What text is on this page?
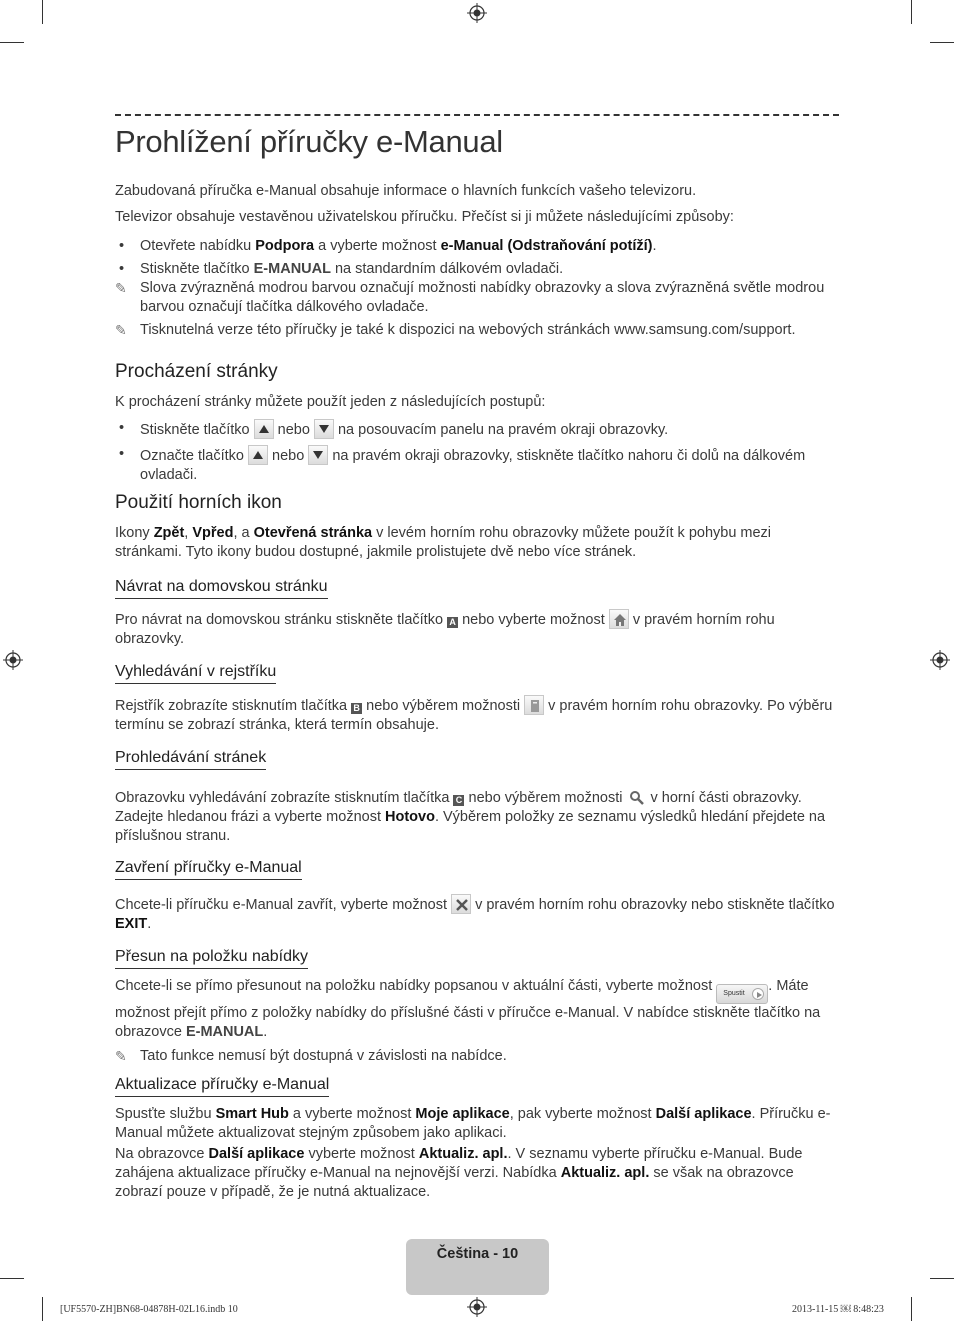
Prohlížení příručky e-Manual

Zabudovaná příručka e-Manual obsahuje informace o hlavních funkcích vašeho televizoru.

Televizor obsahuje vestavěnou uživatelskou příručku. Přečíst si ji můžete následujícími způsoby:

• Otevřete nabídku Podpora a vyberte možnost e-Manual (Odstraňování potíží).
• Stiskněte tlačítko E-MANUAL na standardním dálkovém ovladači.
✎ Slova zvýrazněná modrou barvou označují možnosti nabídky obrazovky a slova zvýrazněná světle modrou barvou označují tlačítka dálkového ovladače.
✎ Tisknutelná verze této příručky je také k dispozici na webových stránkách www.samsung.com/support.
Procházení stránky

K procházení stránky můžete použít jeden z následujících postupů:

• Stiskněte tlačítko
nebo
na posouvacím panelu na pravém okraji obrazovky.
• Označte tlačítko
nebo
na pravém okraji obrazovky, stiskněte tlačítko nahoru či dolů na dálkovém ovladači.
Použití horních ikon

Ikony Zpět, Vpřed, a Otevřená stránka v levém horním rohu obrazovky můžete použít k pohybu mezi stránkami. Tyto ikony budou dostupné, jakmile prolistujete dvě nebo více stránek.

Návrat na domovskou stránku

Pro návrat na domovskou stránku stiskněte tlačítko A nebo vyberte možnost
v pravém horním rohu obrazovky.

Vyhledávání v rejstříku

Rejstřík zobrazíte stisknutím tlačítka B nebo výběrem možnosti
v pravém horním rohu obrazovky. Po výběru termínu se zobrazí stránka, která termín obsahuje.

Prohledávání stránek

Obrazovku vyhledávání zobrazíte stisknutím tlačítka C nebo výběrem možnosti
v horní části obrazovky. Zadejte hledanou frázi a vyberte možnost Hotovo. Výběrem položky ze seznamu výsledků hledání přejdete na příslušnou stranu.

Zavření příručky e-Manual

Chcete-li příručku e-Manual zavřít, vyberte možnost
v pravém horním rohu obrazovky nebo stiskněte tlačítko EXIT.

Přesun na položku nabídky

Chcete-li se přímo přesunout na položku nabídky popsanou v aktuální části, vyberte možnost Spustit . Máte možnost přejít přímo z položky nabídky do příslušné části v příručce e-Manual. V nabídce stiskněte tlačítko na obrazovce E-MANUAL.

✎ Tato funkce nemusí být dostupná v závislosti na nabídce.
Aktualizace příručky e-Manual

Spusťte službu Smart Hub a vyberte možnost Moje aplikace, pak vyberte možnost Další aplikace. Příručku e-Manual můžete aktualizovat stejným způsobem jako aplikaci.

Na obrazovce Další aplikace vyberte možnost Aktualiz. apl.. V seznamu vyberte příručku e-Manual. Bude zahájena aktualizace příručky e-Manual na nejnovější verzi. Nabídka Aktualiz. apl. se však na obrazovce zobrazí pouze v případě, že je nutná aktualizace.

Čeština - 10
[UF5570-ZH]BN68-04878H-02L16.indb 10	2013-11-15 ￼ 8:48:23
